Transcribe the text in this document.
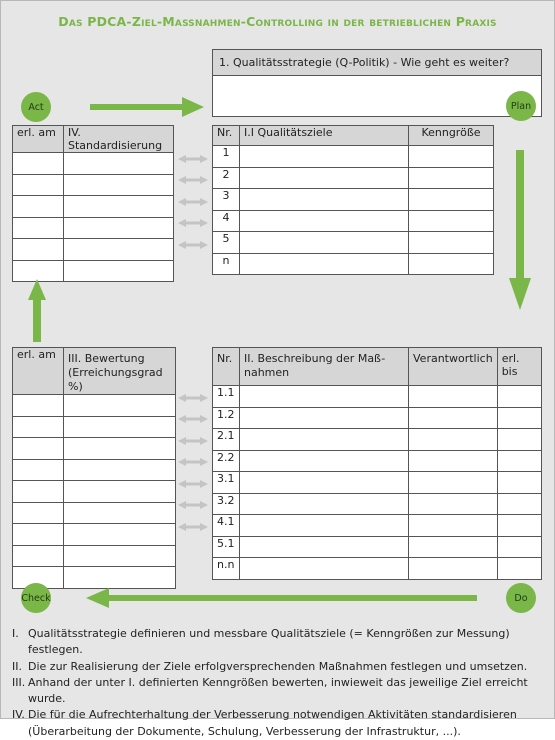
Das PDCA-Ziel-Maßnahmen-Controlling in der betrieblichen Praxis
1. Qualitätsstrategie (Q-Politik) - Wie geht es weiter?
erl. am	IV. Standardisierung

Nr.	I.I Qualitätsziele	Kenngröße
1		
2		
3		
4		
5		
n		
erl. am	III. Bewertung
(Erreichungsgrad %)

Nr.	II. Beschreibung der Maß-
nahmen	Verantwortlich	erl. bis
1.1			
1.2			
2.1			
2.2			
3.1			
3.2			
4.1			
5.1			
n.n			
Act	Plan
Do
Check
I. Qualitätsstrategie definieren und messbare Qualitätsziele (= Kenngrößen zur Messung) festlegen.
II. Die zur Realisierung der Ziele erfolgversprechenden Maßnahmen festlegen und umsetzen.
III. Anhand der unter I. definierten Kenngrößen bewerten, inwieweit das jeweilige Ziel erreicht wurde.
IV. Die für die Aufrechterhaltung der Verbesserung notwendigen Aktivitäten standardisieren (Überarbeitung der Dokumente, Schulung, Verbesserung der Infrastruktur, ...).
